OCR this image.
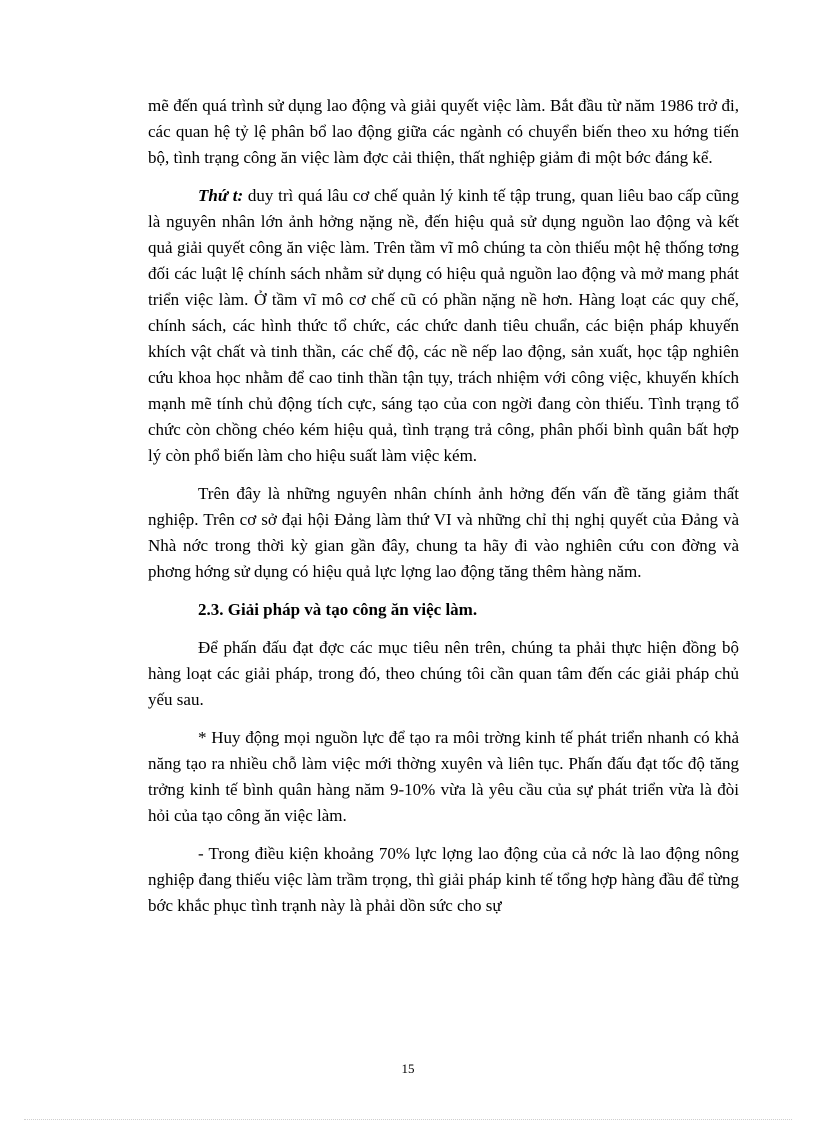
mẽ đến quá trình sử dụng lao động và giải quyết việc làm. Bắt đầu từ năm 1986 trở đi, các quan hệ tỷ lệ phân bổ lao động giữa các ngành có chuyển biến theo xu hớng tiến bộ, tình trạng công ăn việc làm đợc cải thiện, thất nghiệp giảm đi một bớc đáng kể.

Thứ t: duy trì quá lâu cơ chế quản lý kinh tế tập trung, quan liêu bao cấp cũng là nguyên nhân lớn ảnh hởng nặng nề, đến hiệu quả sử dụng nguồn lao động và kết quả giải quyết công ăn việc làm. Trên tầm vĩ mô chúng ta còn thiếu một hệ thống tơng đối các luật lệ chính sách nhằm sử dụng có hiệu quả nguồn lao động và mở mang phát triển việc làm. Ở tầm vĩ mô cơ chế cũ có phần nặng nề hơn. Hàng loạt các quy chế, chính sách, các hình thức tổ chức, các chức danh tiêu chuẩn, các biện pháp khuyến khích vật chất và tinh thần, các chế độ, các nề nếp lao động, sản xuất, học tập nghiên cứu khoa học nhằm để cao tinh thần tận tụy, trách nhiệm với công việc, khuyến khích mạnh mẽ tính chủ động tích cực, sáng tạo của con ngời đang còn thiếu. Tình trạng tổ chức còn chồng chéo kém hiệu quả, tình trạng trả công, phân phối bình quân bất hợp lý còn phổ biến làm cho hiệu suất làm việc kém.

Trên đây là những nguyên nhân chính ảnh hởng đến vấn đề tăng giảm thất nghiệp. Trên cơ sở đại hội Đảng làm thứ VI và những chỉ thị nghị quyết của Đảng và Nhà nớc trong thời kỳ gian gần đây, chung ta hãy đi vào nghiên cứu con đờng và phơng hớng sử dụng có hiệu quả lực lợng lao động tăng thêm hàng năm.

2.3. Giải pháp và tạo công ăn việc làm.

Để phấn đấu đạt đợc các mục tiêu nên trên, chúng ta phải thực hiện đồng bộ hàng loạt các giải pháp, trong đó, theo chúng tôi cần quan tâm đến các giải pháp chủ yếu sau.

* Huy động mọi nguồn lực để tạo ra môi trờng kinh tế phát triển nhanh có khả năng tạo ra nhiều chỗ làm việc mới thờng xuyên và liên tục. Phấn đấu đạt tốc độ tăng trởng kinh tế bình quân hàng năm 9-10% vừa là yêu cầu của sự phát triển vừa là đòi hỏi của tạo công ăn việc làm.

- Trong điều kiện khoảng 70% lực lợng lao động của cả nớc là lao động nông nghiệp đang thiếu việc làm trầm trọng, thì giải pháp kinh tế tổng hợp hàng đầu để từng bớc khắc phục tình trạnh này là phải dồn sức cho sự

15
